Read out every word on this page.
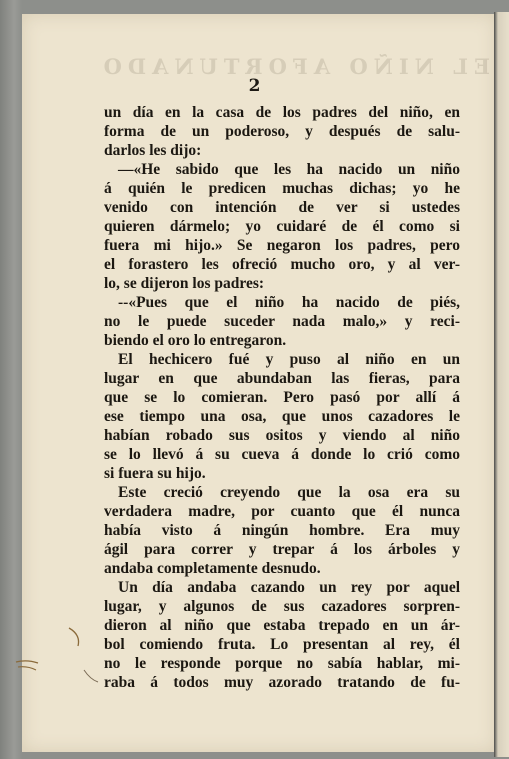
EL NIÑO AFORTUNADO
2
un día en la casa de los padres del niño, en
forma de un poderoso, y después de salu-
darlos les dijo:
—«He sabido que les ha nacido un niño
á quién le predicen muchas dichas; yo he
venido con intención de ver si ustedes
quieren dármelo; yo cuidaré de él como si
fuera mi hijo.» Se negaron los padres, pero
el forastero les ofreció mucho oro, y al ver-
lo, se dijeron los padres:
--«Pues que el niño ha nacido de piés,
no le puede suceder nada malo,» y reci-
biendo el oro lo entregaron.
El hechicero fué y puso al niño en un
lugar en que abundaban las fieras, para
que se lo comieran. Pero pasó por allí á
ese tiempo una osa, que unos cazadores le
habían robado sus ositos y viendo al niño
se lo llevó á su cueva á donde lo crió como
si fuera su hijo.
Este creció creyendo que la osa era su
verdadera madre, por cuanto que él nunca
había visto á ningún hombre. Era muy
ágil para correr y trepar á los árboles y
andaba completamente desnudo.
Un día andaba cazando un rey por aquel
lugar, y algunos de sus cazadores sorpren-
dieron al niño que estaba trepado en un ár-
bol comiendo fruta. Lo presentan al rey, él
no le responde porque no sabía hablar, mi-
raba á todos muy azorado tratando de fu-
